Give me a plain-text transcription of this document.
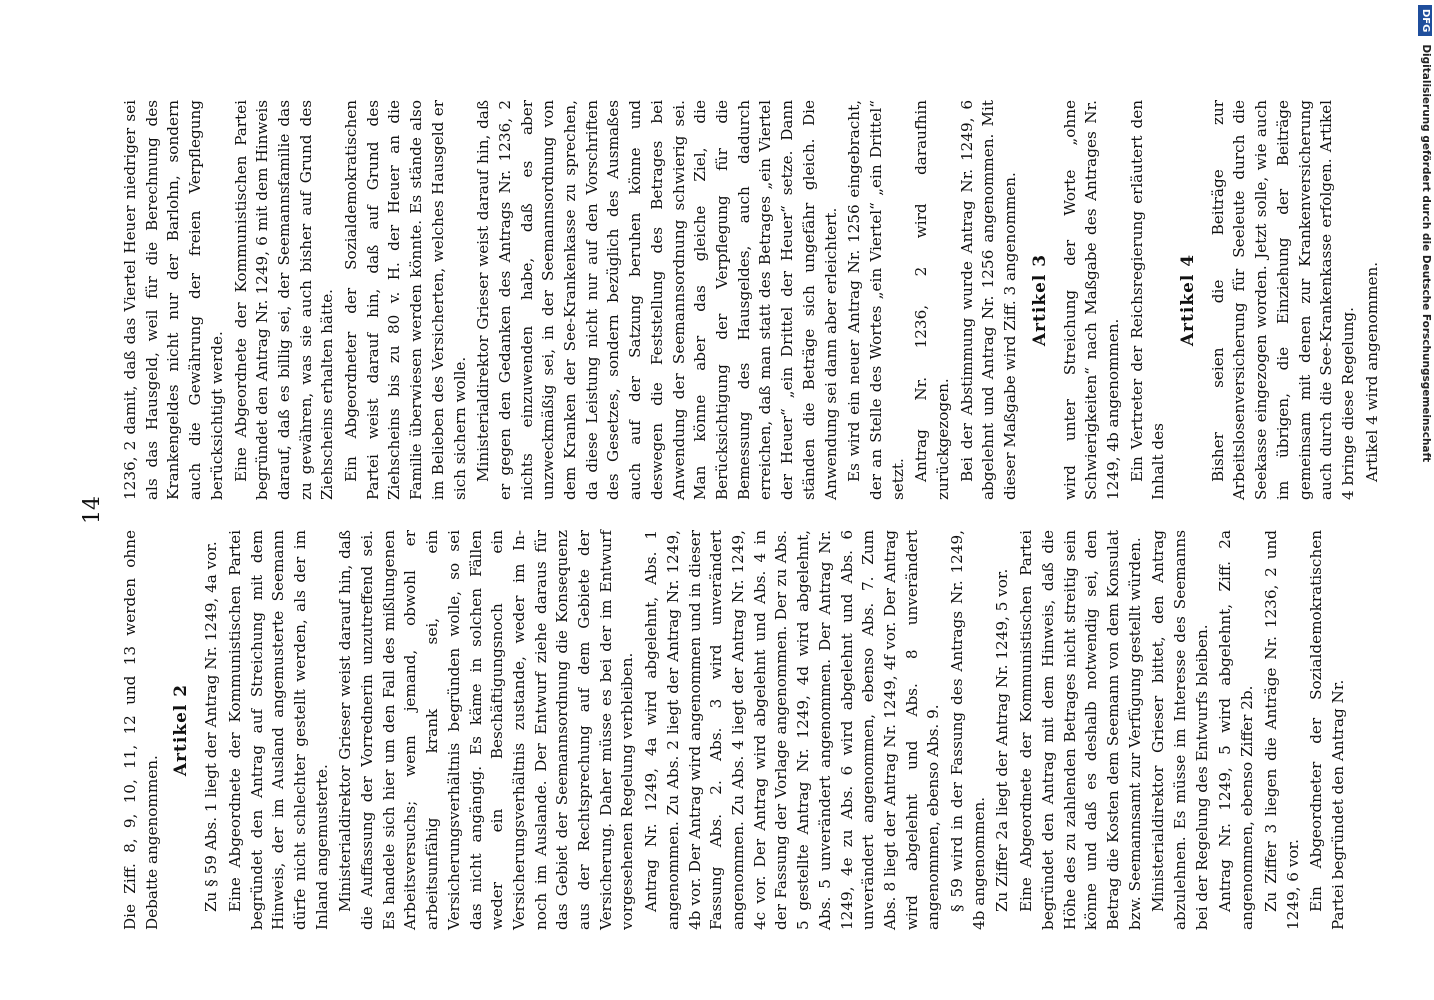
14

Die Ziff. 8, 9, 10, 11, 12 und 13 werden ohne Debatte angenommen.

Artikel 2 Zu § 59 Abs. 1 liegt der Antrag Nr. 1249, 4a vor. Eine Abgeordnete der Kommunistischen Partei begründet den Antrag auf Streichung mit dem Hinweis, der im Ausland angemusterte Seemann dürfe nicht schlechter gestellt werden, als der im Inland angemusterte. Ministerialdirektor Grieser weist darauf hin, daß die Auffassung der Vorrednerin unzutreffend sei. Es handele sich hier um den Fall des mißlungenen Arbeitsversuchs; wenn jemand, obwohl er arbeitsunfähig krank sei, ein Versicherungsverhältnis begründen wolle, so sei das nicht angängig. Es käme in solchen Fällen weder ein Beschäftigungsnoch ein Versicherungsverhältnis zustande, weder im In- noch im Auslande. Der Entwurf ziehe daraus für das Gebiet der Seemannsordnung die Konsequenz aus der Rechtsprechung auf dem Gebiete der Versicherung. Daher müsse es bei der im Entwurf vorgesehenen Regelung verbleiben. Antrag Nr. 1249, 4a wird abgelehnt, Abs. 1 angenommen. Zu Abs. 2 liegt der Antrag Nr. 1249, 4b vor. Der Antrag wird angenommen und in dieser Fassung Abs. 2. Abs. 3 wird unverändert angenommen. Zu Abs. 4 liegt der Antrag Nr. 1249, 4c vor. Der Antrag wird abgelehnt und Abs. 4 in der Fassung der Vorlage angenommen. Der zu Abs. 5 gestellte Antrag Nr. 1249, 4d wird abgelehnt, Abs. 5 unverändert angenommen. Der Antrag Nr. 1249, 4e zu Abs. 6 wird abgelehnt und Abs. 6 unverändert angenommen, ebenso Abs. 7. Zum Abs. 8 liegt der Antrag Nr. 1249, 4f vor. Der Antrag wird abgelehnt und Abs. 8 unverändert angenommen, ebenso Abs. 9. § 59 wird in der Fassung des Antrags Nr. 1249, 4b angenommen. Zu Ziffer 2a liegt der Antrag Nr. 1249, 5 vor. Eine Abgeordnete der Kommunistischen Partei begründet den Antrag mit dem Hinweis, daß die Höhe des zu zahlenden Betrages nicht streitig sein könne und daß es deshalb notwendig sei, den Betrag die Kosten dem Seemann von dem Konsulat bzw. Seemannsamt zur Verfügung gestellt würden. Ministerialdirektor Grieser bittet, den Antrag abzulehnen. Es müsse im Interesse des Seemanns bei der Regelung des Entwurfs bleiben. Antrag Nr. 1249, 5 wird abgelehnt, Ziff. 2a angenommen, ebenso Ziffer 2b. Zu Ziffer 3 liegen die Anträge Nr. 1236, 2 und 1249, 6 vor. Ein Abgeordneter der Sozialdemokratischen Partei begründet den Antrag Nr.

1236, 2 damit, daß das Viertel Heuer niedriger sei als das Hausgeld, weil für die Berechnung des Krankengeldes nicht nur der Barlohn, sondern auch die Gewährung der freien Verpflegung berücksichtigt werde. Eine Abgeordnete der Kommunistischen Partei begründet den Antrag Nr. 1249, 6 mit dem Hinweis darauf, daß es billig sei, der Seemannsfamilie das zu gewähren, was sie auch bisher auf Grund des Ziehscheins erhalten hätte. Ein Abgeordneter der Sozialdemokratischen Partei weist darauf hin, daß auf Grund des Ziehscheins bis zu 80 v. H. der Heuer an die Familie überwiesen werden könnte. Es stände also im Belieben des Versicherten, welches Hausgeld er sich sichern wolle. Ministerialdirektor Grieser weist darauf hin, daß er gegen den Gedanken des Antrags Nr. 1236, 2 nichts einzuwenden habe, daß es aber unzweckmäßig sei, in der Seemannsordnung von dem Kranken der See-Krankenkasse zu sprechen, da diese Leistung nicht nur auf den Vorschriften des Gesetzes, sondern bezüglich des Ausmaßes auch auf der Satzung beruhen könne und deswegen die Feststellung des Betrages bei Anwendung der Seemannsordnung schwierig sei. Man könne aber das gleiche Ziel, die Berücksichtigung der Verpflegung für die Bemessung des Hausgeldes, auch dadurch erreichen, daß man statt des Betrages „ein Viertel der Heuer“ „ein Drittel der Heuer“ setze. Dann ständen die Beträge sich ungefähr gleich. Die Anwendung sei dann aber erleichtert. Es wird ein neuer Antrag Nr. 1256 eingebracht, der an Stelle des Wortes „ein Viertel“ „ein Drittel“ setzt. Antrag Nr. 1236, 2 wird daraufhin zurückgezogen. Bei der Abstimmung wurde Antrag Nr. 1249, 6 abgelehnt und Antrag Nr. 1256 angenommen. Mit dieser Maßgabe wird Ziff. 3 angenommen. Artikel 3 wird unter Streichung der Worte „ohne Schwierigkeiten“ nach Maßgabe des Antrages Nr. 1249, 4b angenommen. Ein Vertreter der Reichsregierung erläutert den Inhalt des

Artikel 4 Bisher seien die Beiträge zur Arbeitslosenversicherung für Seeleute durch die Seekasse eingezogen worden. Jetzt solle, wie auch im übrigen, die Einziehung der Beiträge gemeinsam mit denen zur Krankenversicherung auch durch die See-Krankenkasse erfolgen. Artikel 4 bringe diese Regelung. Artikel 4 wird angenommen.

DFGDigitalisierung gefördert durch die Deutsche Forschungsgemeinschaft
